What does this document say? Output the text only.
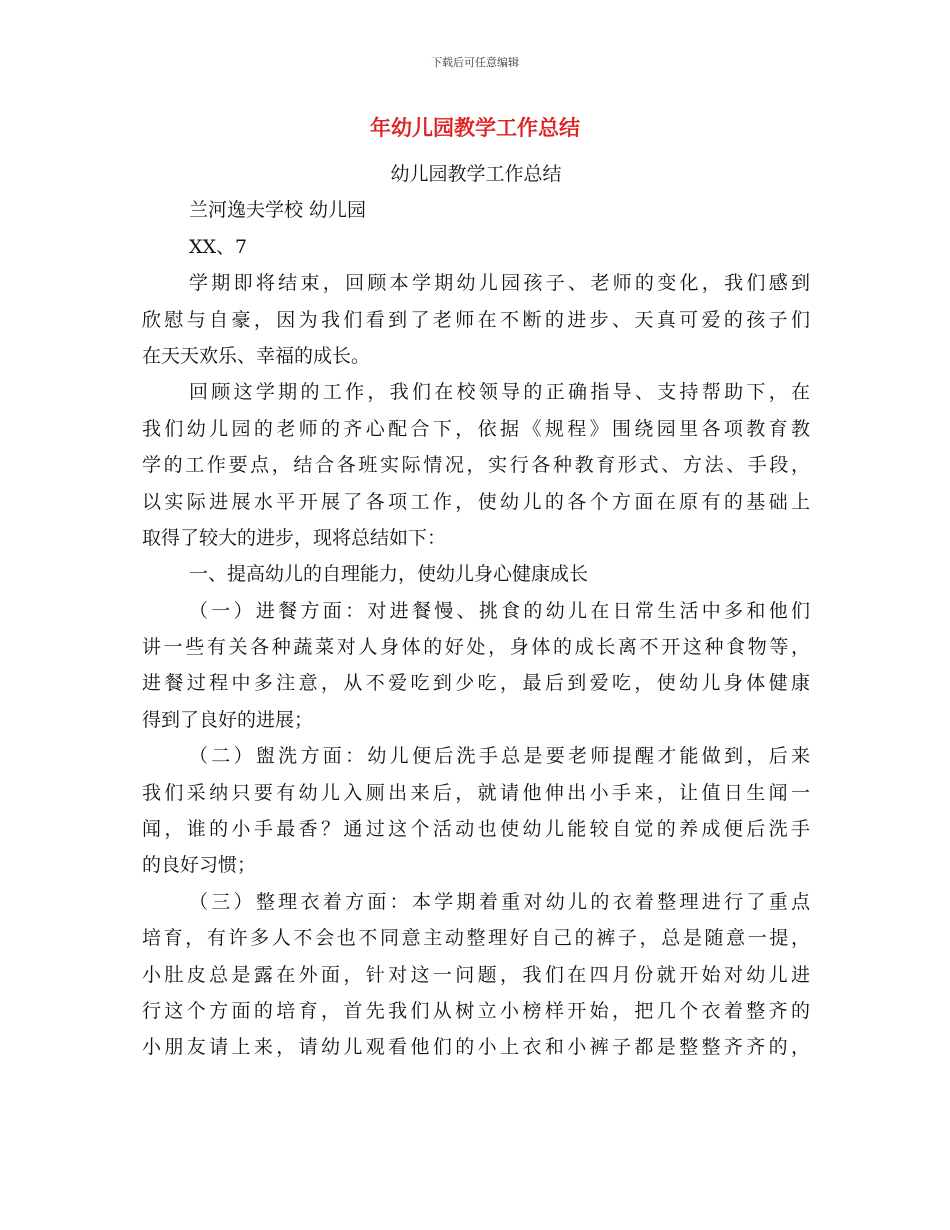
下载后可任意编辑
年幼儿园教学工作总结
幼儿园教学工作总结
兰河逸夫学校 幼儿园
XX、7
学期即将结束，回顾本学期幼儿园孩子、老师的变化，我们感到
欣慰与自豪，因为我们看到了老师在不断的进步、天真可爱的孩子们
在天天欢乐、幸福的成长。
回顾这学期的工作，我们在校领导的正确指导、支持帮助下，在
我们幼儿园的老师的齐心配合下，依据《规程》围绕园里各项教育教
学的工作要点，结合各班实际情况，实行各种教育形式、方法、手段，
以实际进展水平开展了各项工作，使幼儿的各个方面在原有的基础上
取得了较大的进步，现将总结如下：
一、提高幼儿的自理能力，使幼儿身心健康成长
（一）进餐方面：对进餐慢、挑食的幼儿在日常生活中多和他们
讲一些有关各种蔬菜对人身体的好处，身体的成长离不开这种食物等，
进餐过程中多注意，从不爱吃到少吃，最后到爱吃，使幼儿身体健康
得到了良好的进展；
（二）盥洗方面：幼儿便后洗手总是要老师提醒才能做到，后来
我们采纳只要有幼儿入厕出来后，就请他伸出小手来，让值日生闻一
闻，谁的小手最香？通过这个活动也使幼儿能较自觉的养成便后洗手
的良好习惯；
（三）整理衣着方面：本学期着重对幼儿的衣着整理进行了重点
培育，有许多人不会也不同意主动整理好自己的裤子，总是随意一提，
小肚皮总是露在外面，针对这一问题，我们在四月份就开始对幼儿进
行这个方面的培育，首先我们从树立小榜样开始，把几个衣着整齐的
小朋友请上来，请幼儿观看他们的小上衣和小裤子都是整整齐齐的，
